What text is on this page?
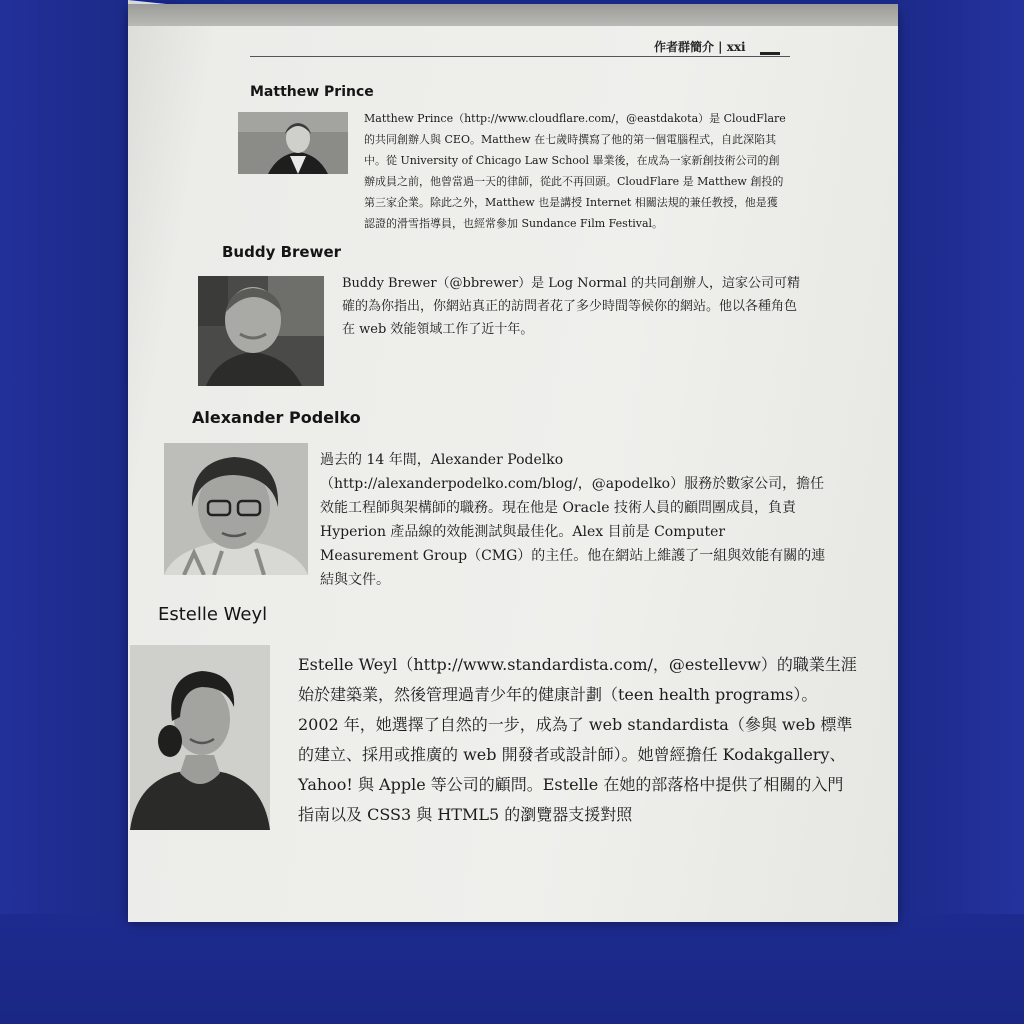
作者群簡介 | xxi
Matthew Prince
Matthew Prince（http://www.cloudflare.com/，@eastdakota）是 CloudFlare 的共同創辦人與 CEO。Matthew 在七歲時撰寫了他的第一個電腦程式，自此深陷其中。從 University of Chicago Law School 畢業後，在成為一家新創技術公司的創辦成員之前，他曾當過一天的律師，從此不再回頭。CloudFlare 是 Matthew 創投的第三家企業。除此之外，Matthew 也是講授 Internet 相關法規的兼任教授，他是獲認證的滑雪指導員，也經常參加 Sundance Film Festival。
Buddy Brewer
Buddy Brewer（@bbrewer）是 Log Normal 的共同創辦人，這家公司可精確的為你指出，你網站真正的訪問者花了多少時間等候你的網站。他以各種角色在 web 效能領域工作了近十年。
Alexander Podelko
過去的 14 年間，Alexander Podelko（http://alexanderpodelko.com/blog/，@apodelko）服務於數家公司，擔任效能工程師與架構師的職務。現在他是 Oracle 技術人員的顧問團成員，負責 Hyperion 產品線的效能測試與最佳化。Alex 目前是 Computer Measurement Group（CMG）的主任。他在網站上維護了一組與效能有關的連結與文件。
Estelle Weyl
Estelle Weyl（http://www.standardista.com/，@estellevw）的職業生涯始於建築業，然後管理過青少年的健康計劃（teen health programs）。2002 年，她選擇了自然的一步，成為了 web standardista（參與 web 標準的建立、採用或推廣的 web 開發者或設計師）。她曾經擔任 Kodakgallery、Yahoo! 與 Apple 等公司的顧問。Estelle 在她的部落格中提供了相關的入門指南以及 CSS3 與 HTML5 的瀏覽器支援對照
